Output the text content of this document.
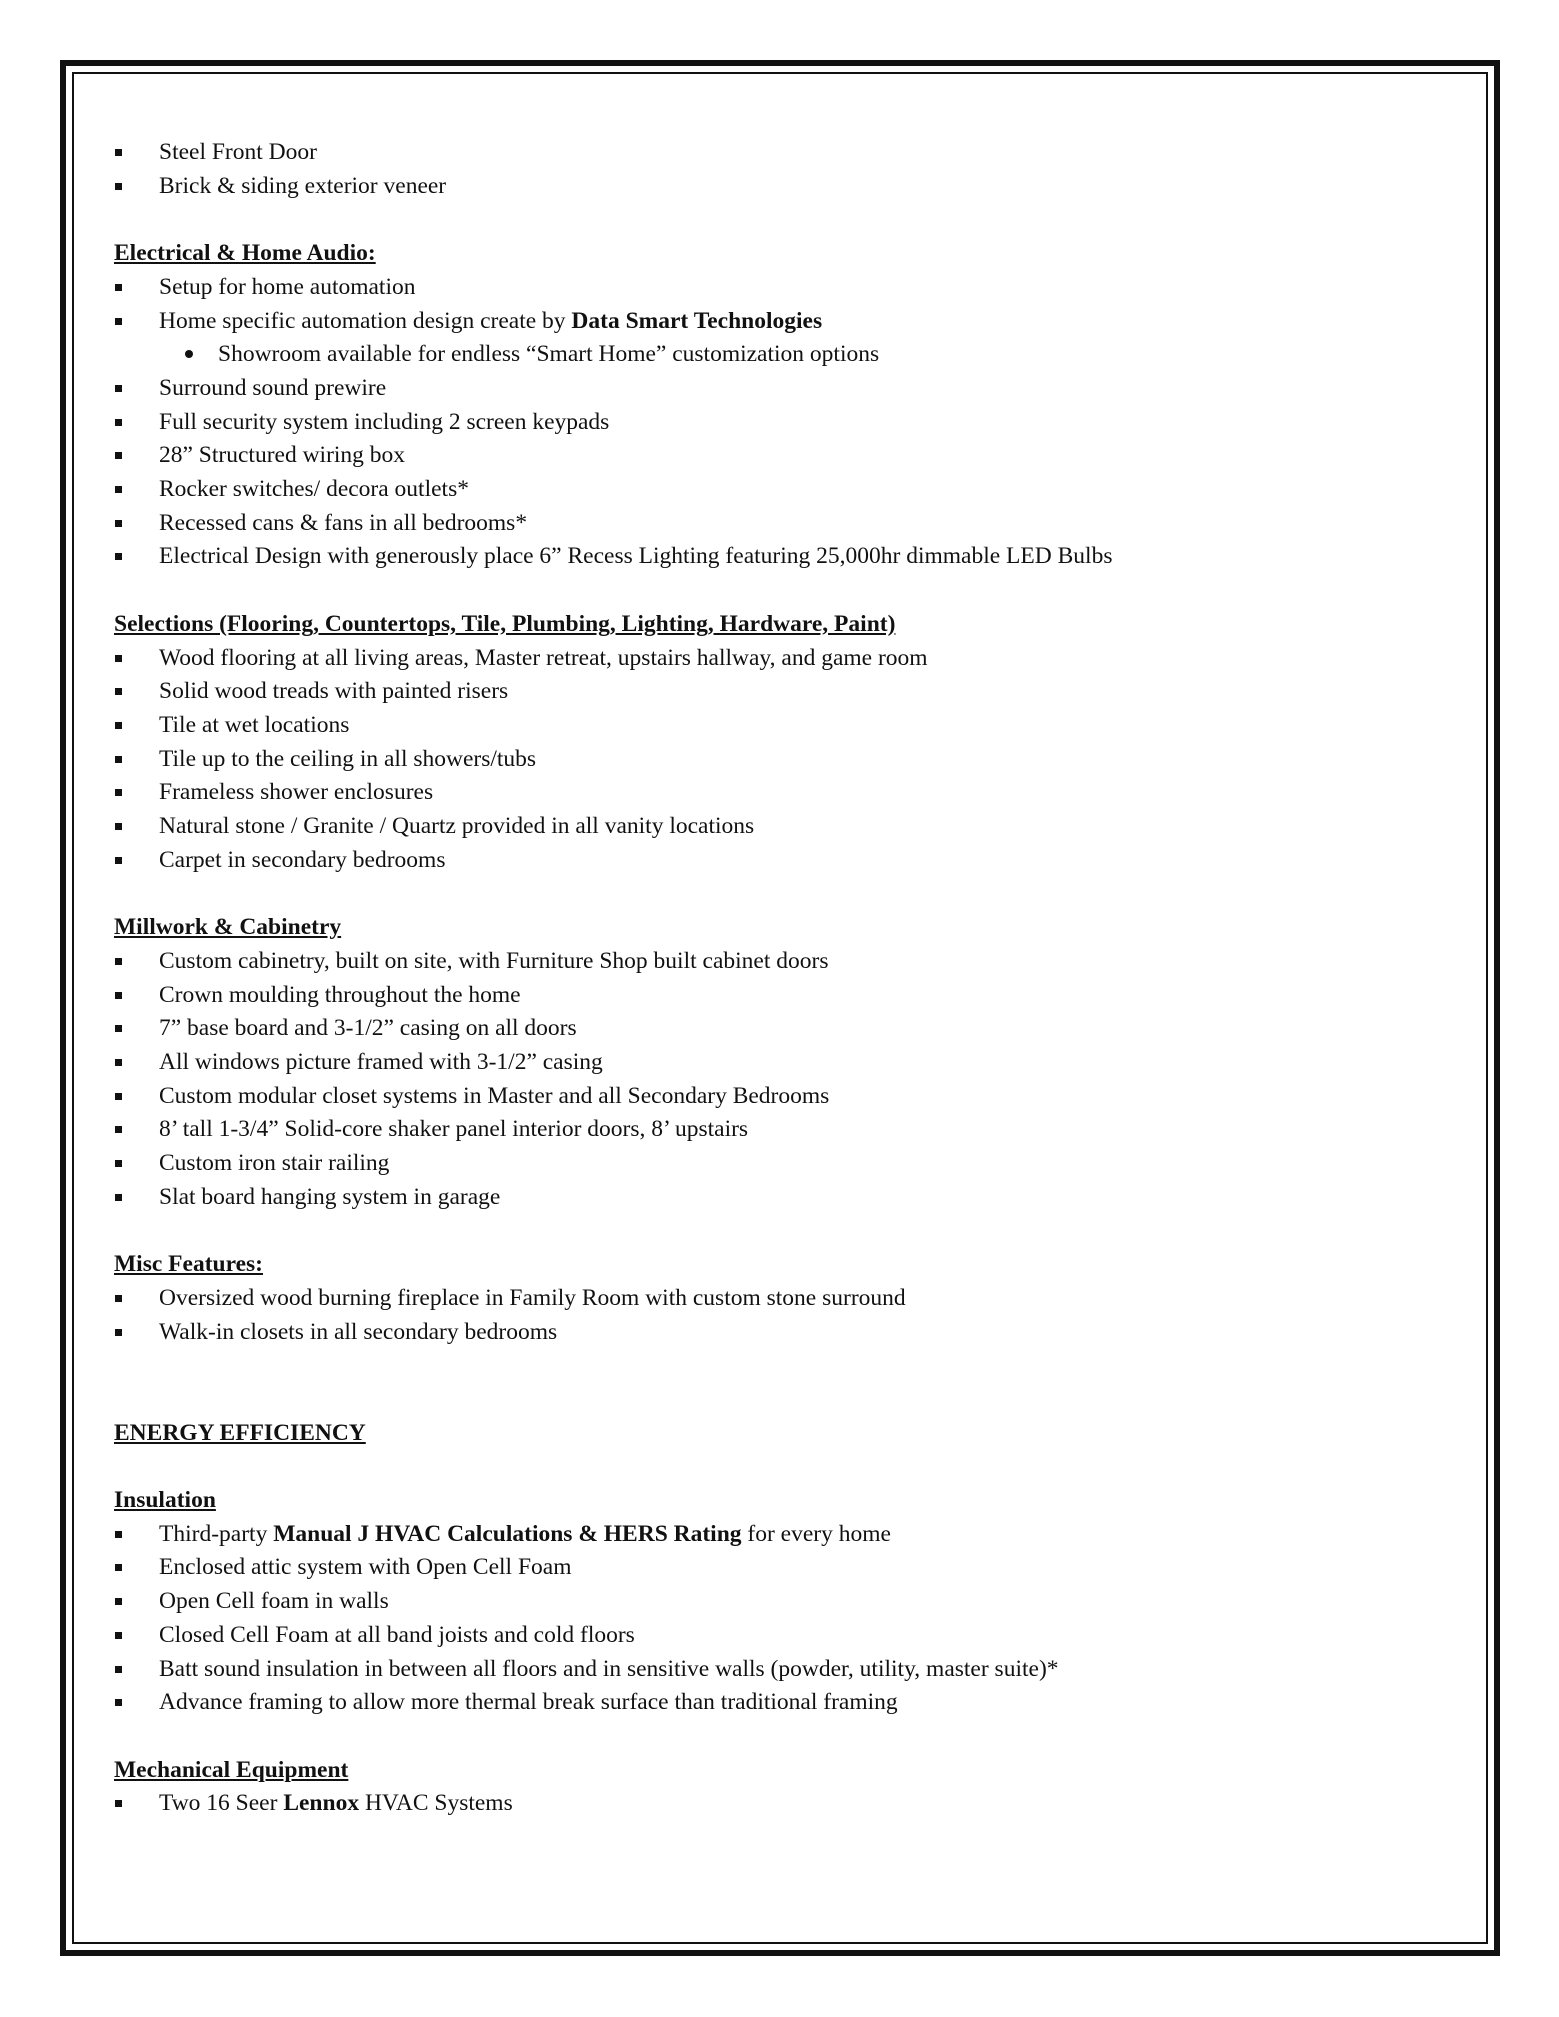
Steel Front Door
Brick & siding exterior veneer
Electrical & Home Audio:
Setup for home automation
Home specific automation design create by Data Smart Technologies
Showroom available for endless “Smart Home” customization options
Surround sound prewire
Full security system including 2 screen keypads
28” Structured wiring box
Rocker switches/ decora outlets*
Recessed cans & fans in all bedrooms*
Electrical Design with generously place 6” Recess Lighting featuring 25,000hr dimmable LED Bulbs
Selections (Flooring, Countertops, Tile, Plumbing, Lighting, Hardware, Paint)
Wood flooring at all living areas, Master retreat, upstairs hallway, and game room
Solid wood treads with painted risers
Tile at wet locations
Tile up to the ceiling in all showers/tubs
Frameless shower enclosures
Natural stone / Granite / Quartz provided in all vanity locations
Carpet in secondary bedrooms
Millwork & Cabinetry
Custom cabinetry, built on site, with Furniture Shop built cabinet doors
Crown moulding throughout the home
7” base board and 3-1/2” casing on all doors
All windows picture framed with 3-1/2” casing
Custom modular closet systems in Master and all Secondary Bedrooms
8’ tall 1-3/4” Solid-core shaker panel interior doors, 8’ upstairs
Custom iron stair railing
Slat board hanging system in garage
Misc Features:
Oversized wood burning fireplace in Family Room with custom stone surround
Walk-in closets in all secondary bedrooms
ENERGY EFFICIENCY
Insulation
Third-party Manual J HVAC Calculations & HERS Rating for every home
Enclosed attic system with Open Cell Foam
Open Cell foam in walls
Closed Cell Foam at all band joists and cold floors
Batt sound insulation in between all floors and in sensitive walls (powder, utility, master suite)*
Advance framing to allow more thermal break surface than traditional framing
Mechanical Equipment
Two 16 Seer Lennox HVAC Systems
